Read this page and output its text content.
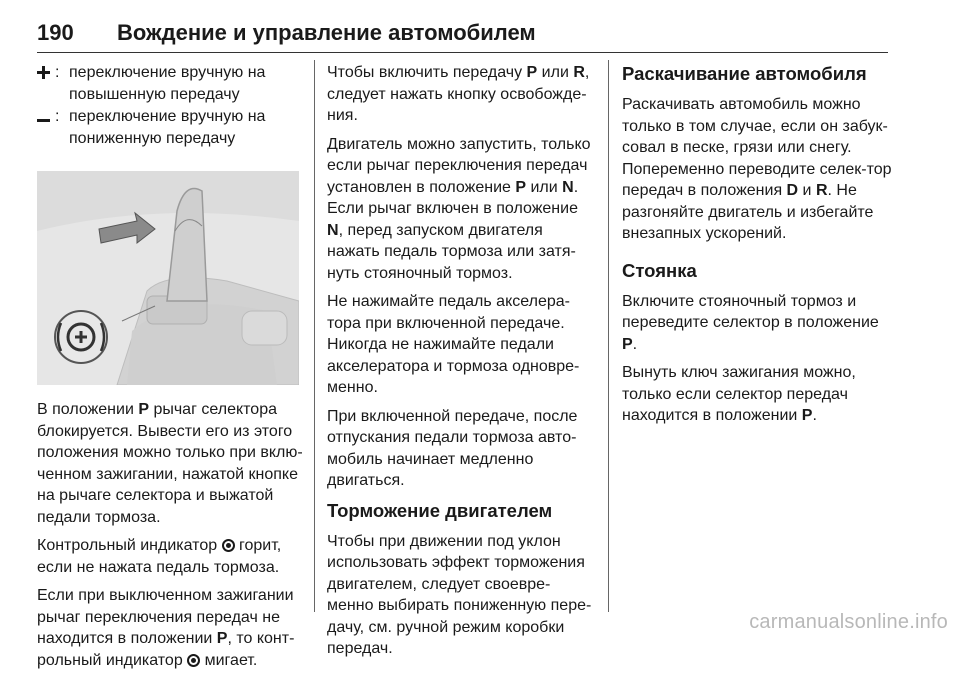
190 Вождение и управление автомобилем
: переключение вручную на повышенную передачу
: переключение вручную на пониженную передачу

В положении P рычаг селектора блокируется. Вывести его из этого положения можно только при вклю-ченном зажигании, нажатой кнопке на рычаге селектора и выжатой педали тормоза.

Контрольный индикатор  горит, если не нажата педаль тормоза.

Если при выключенном зажигании рычаг переключения передач не находится в положении P, то конт-рольный индикатор  мигает.

Чтобы включить передачу P или R, следует нажать кнопку освобожде-ния.

Двигатель можно запустить, только если рычаг переключения передач установлен в положение P или N. Если рычаг включен в положение N, перед запуском двигателя нажать педаль тормоза или затя-нуть стояночный тормоз.

Не нажимайте педаль акселера-тора при включенной передаче. Никогда не нажимайте педали акселератора и тормоза одновре-менно.

При включенной передаче, после отпускания педали тормоза авто-мобиль начинает медленно двигаться.

Торможение двигателем

Чтобы при движении под уклон использовать эффект торможения двигателем, следует своевре-менно выбирать пониженную пере-дачу, см. ручной режим коробки передач.

Раскачивание автомобиля

Раскачивать автомобиль можно только в том случае, если он забук-совал в песке, грязи или снегу. Попеременно переводите селек-тор передач в положения D и R. Не разгоняйте двигатель и избегайте внезапных ускорений.

Стоянка

Включите стояночный тормоз и переведите селектор в положение P.

Вынуть ключ зажигания можно, только если селектор передач находится в положении P.

carmanualsonline.info
